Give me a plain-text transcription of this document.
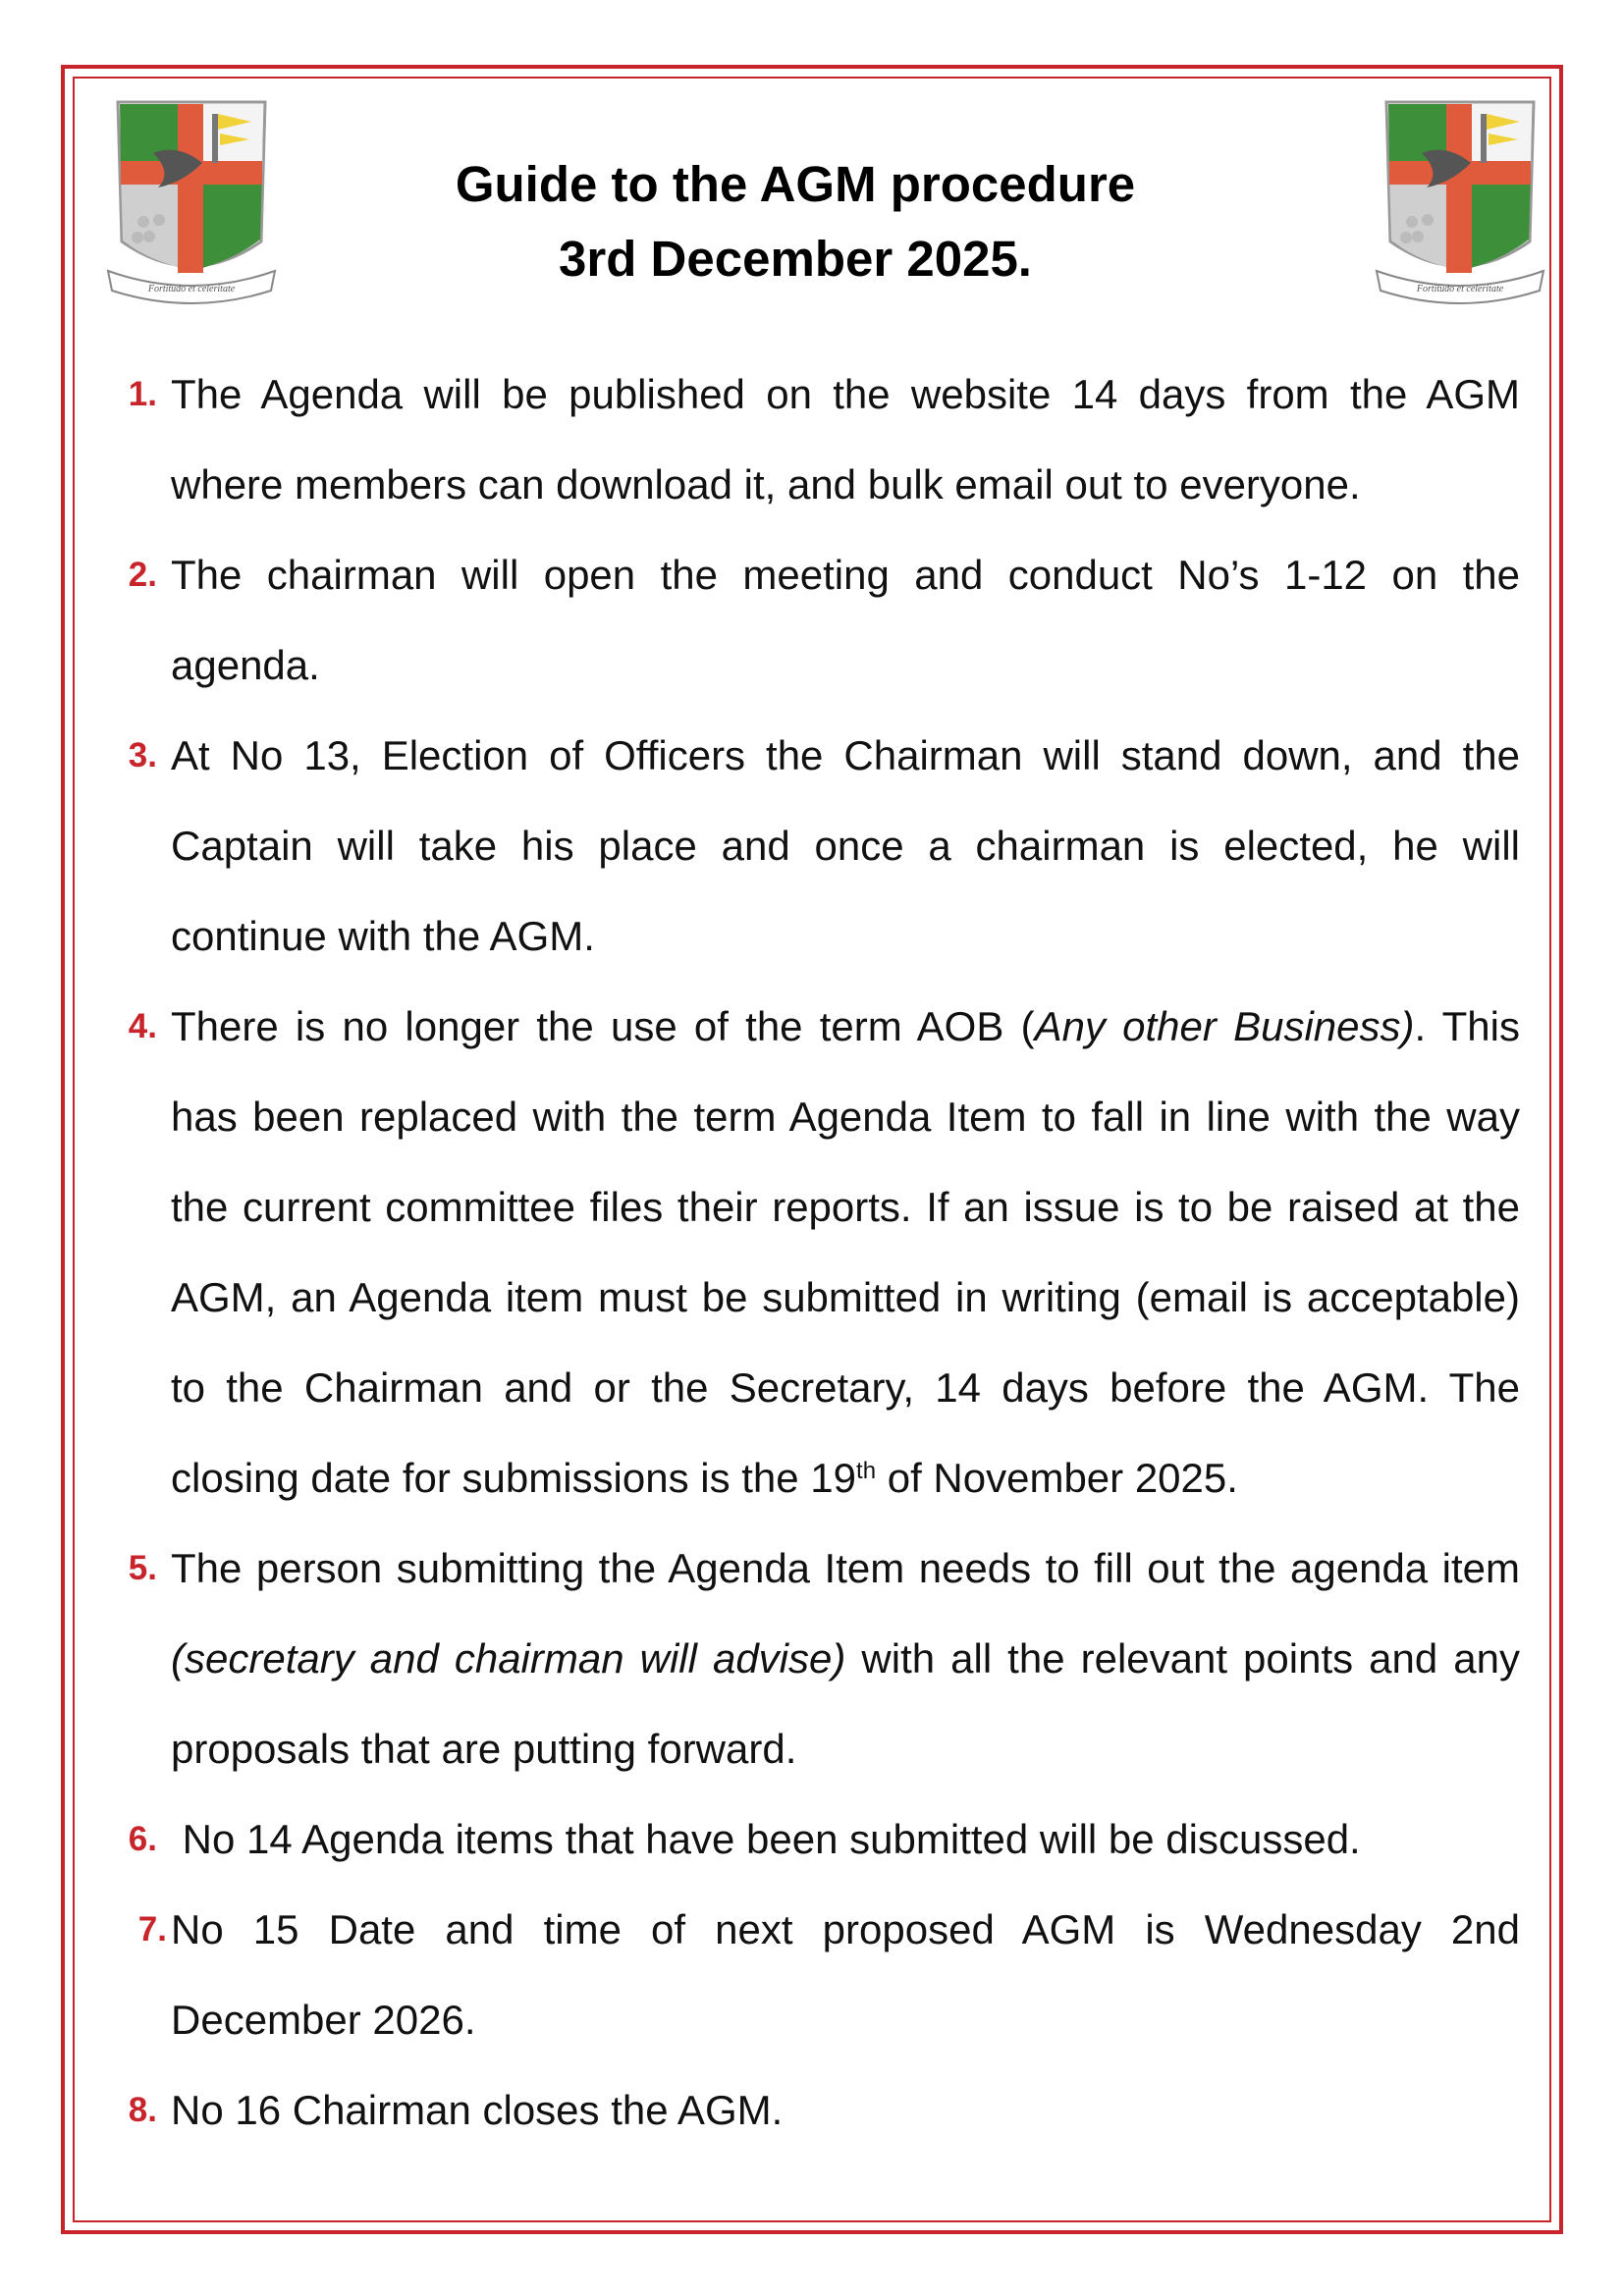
Fortitudo et celeritate	Fortitudo et celeritate
Guide to the AGM procedure
3rd December 2025.
1. The Agenda will be published on the website 14 days from the AGM where members can download it, and bulk email out to everyone.
2. The chairman will open the meeting and conduct No’s 1-12 on the agenda.
3. At No 13, Election of Officers the Chairman will stand down, and the Captain will take his place and once a chairman is elected, he will continue with the AGM.
4. There is no longer the use of the term AOB (Any other Business). This has been replaced with the term Agenda Item to fall in line with the way the current committee files their reports. If an issue is to be raised at the AGM, an Agenda item must be submitted in writing (email is acceptable) to the Chairman and or the Secretary, 14 days before the AGM. The closing date for submissions is the 19th of November 2025.
5. The person submitting the Agenda Item needs to fill out the agenda item (secretary and chairman will advise) with all the relevant points and any proposals that are putting forward.
6. No 14 Agenda items that have been submitted will be discussed.
7. No 15 Date and time of next proposed AGM is Wednesday 2nd December 2026.
8. No 16 Chairman closes the AGM.
